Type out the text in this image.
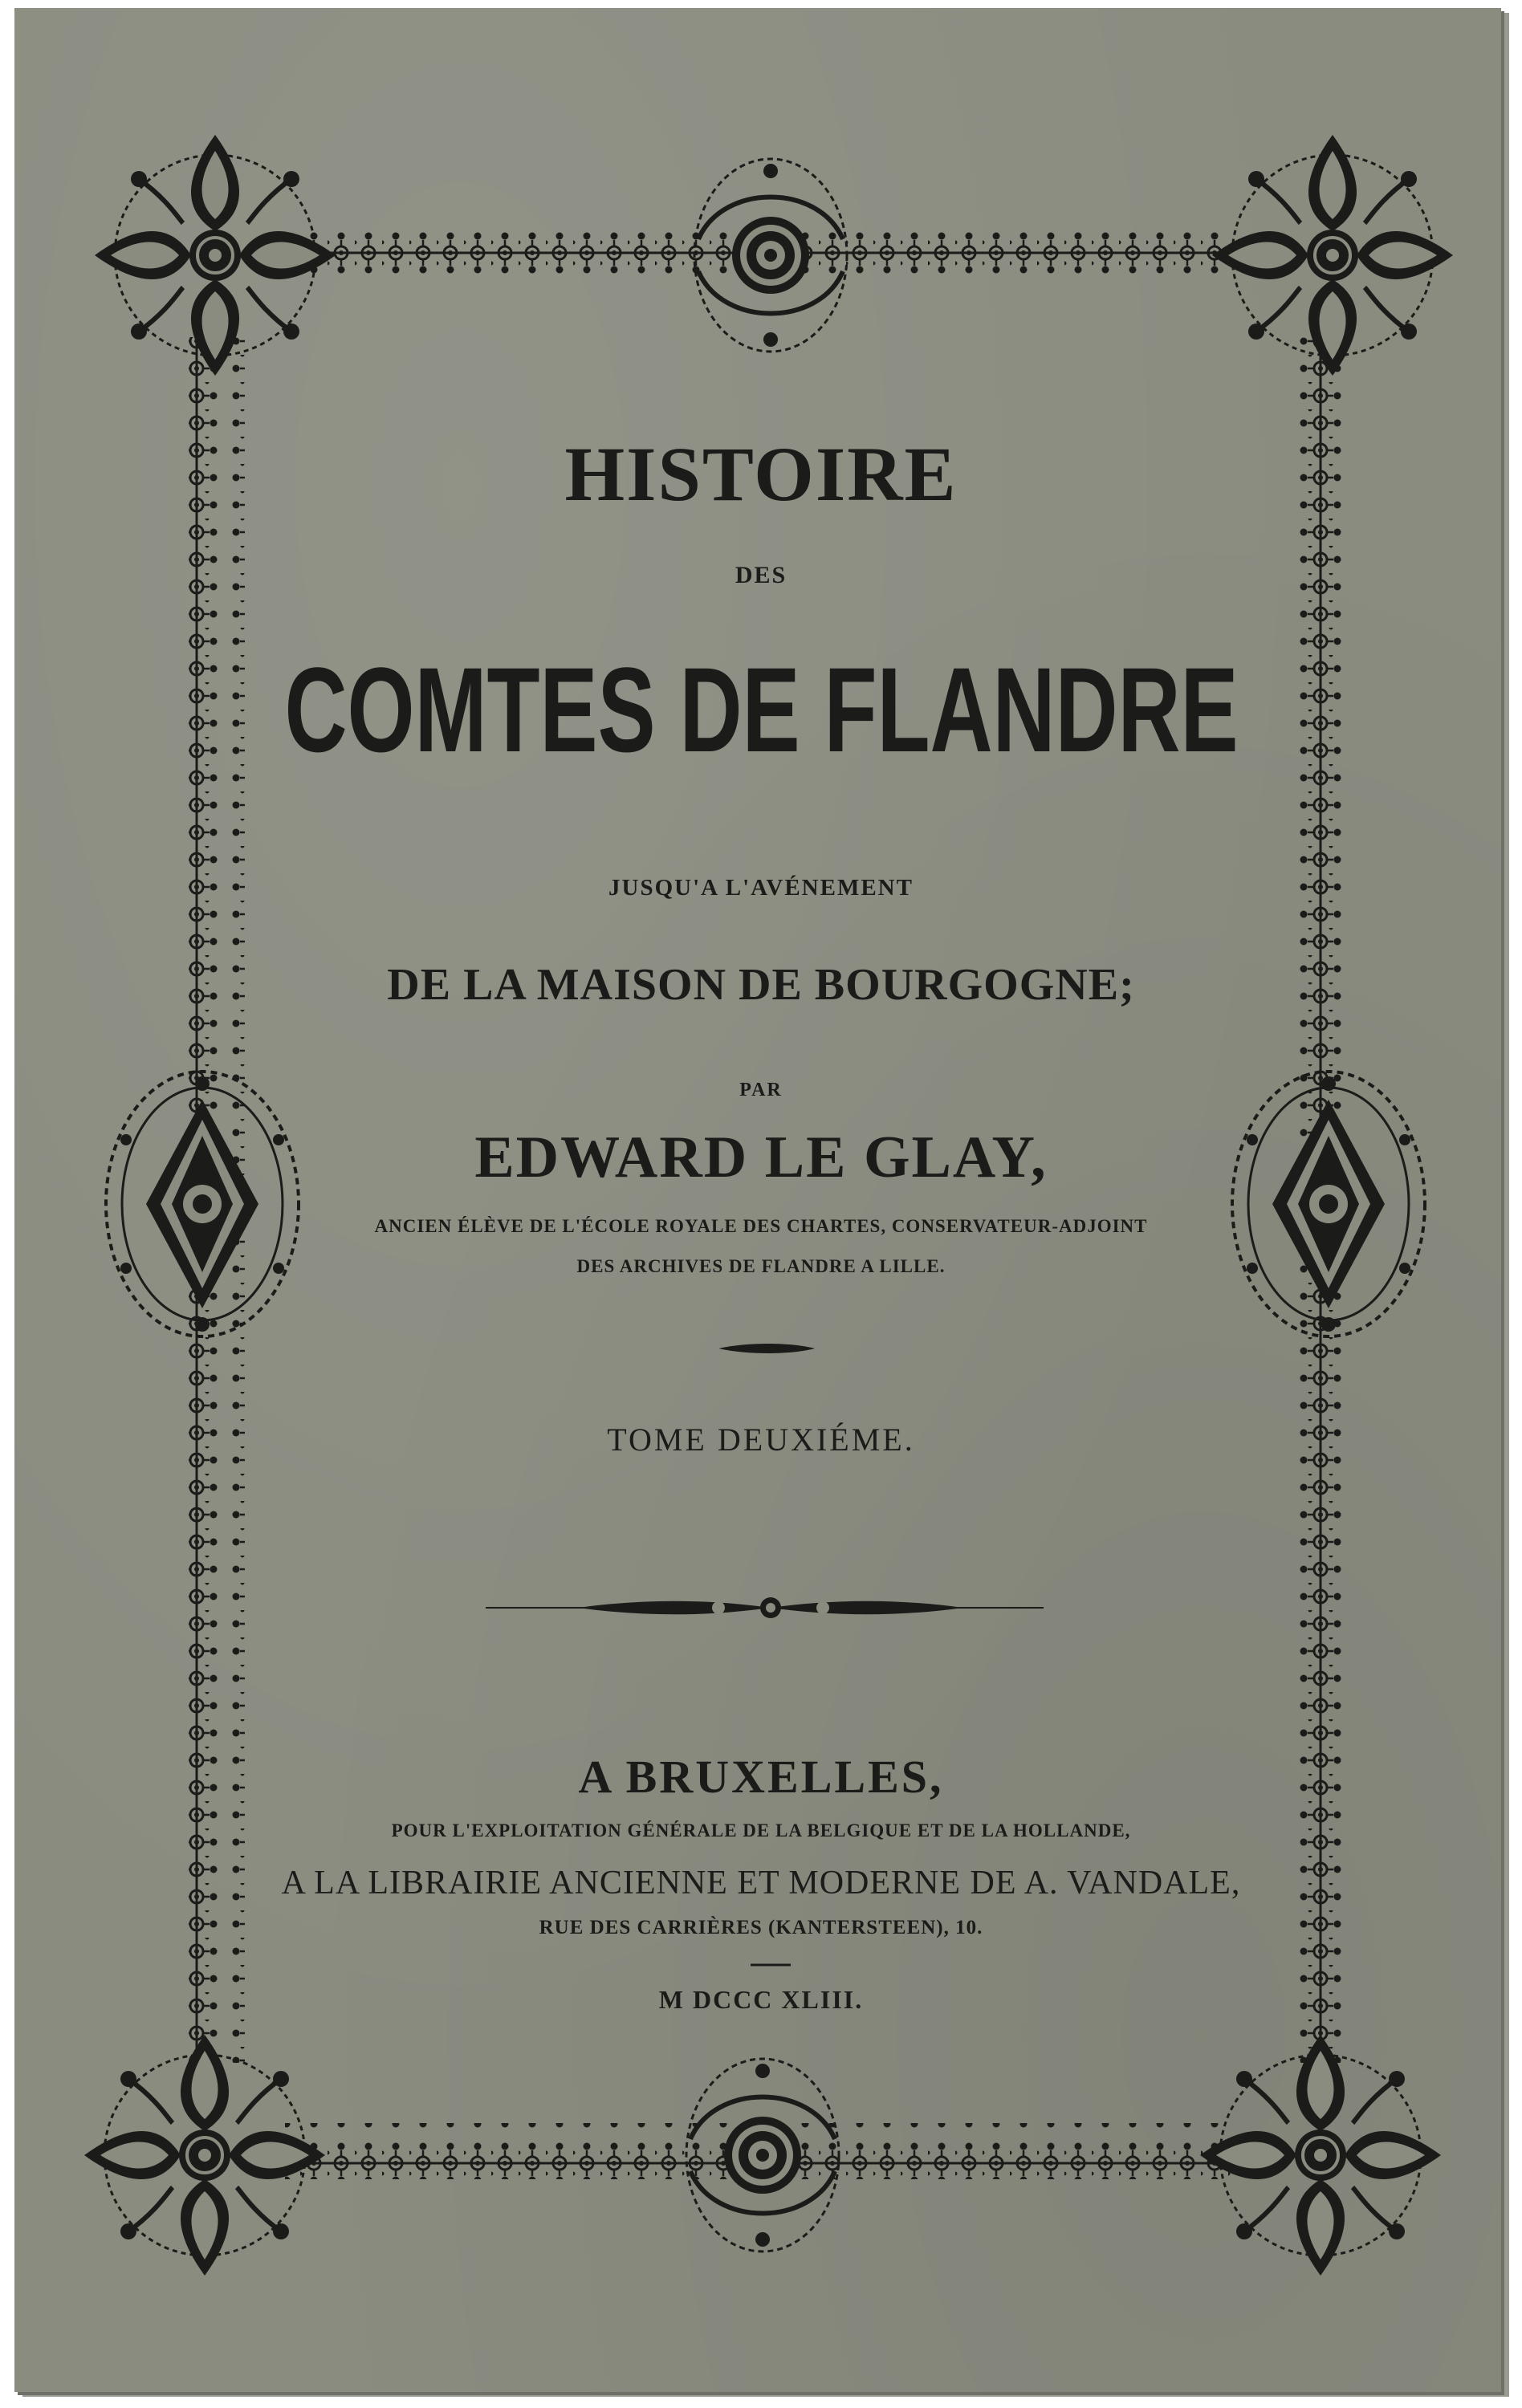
HISTOIRE
DES
COMTES DE FLANDRE
JUSQU'A L'AVÉNEMENT
DE LA MAISON DE BOURGOGNE;
PAR
EDWARD LE GLAY,
ANCIEN ÉLÈVE DE L'ÉCOLE ROYALE DES CHARTES, CONSERVATEUR-ADJOINT
DES ARCHIVES DE FLANDRE A LILLE.
TOME DEUXIÉME.
A BRUXELLES,
POUR L'EXPLOITATION GÉNÉRALE DE LA BELGIQUE ET DE LA HOLLANDE,
A LA LIBRAIRIE ANCIENNE ET MODERNE DE A. VANDALE,
RUE DES CARRIÈRES (KANTERSTEEN), 10.
M DCCC XLIII.
